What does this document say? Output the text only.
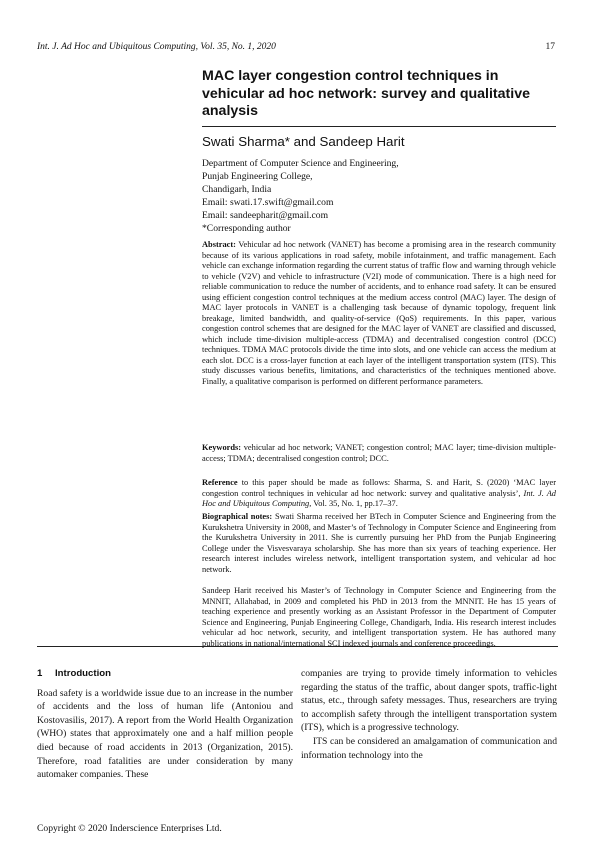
Int. J. Ad Hoc and Ubiquitous Computing, Vol. 35, No. 1, 2020	17
MAC layer congestion control techniques in vehicular ad hoc network: survey and qualitative analysis
Swati Sharma* and Sandeep Harit
Department of Computer Science and Engineering,
Punjab Engineering College,
Chandigarh, India
Email: swati.17.swift@gmail.com
Email: sandeepharit@gmail.com
*Corresponding author
Abstract: Vehicular ad hoc network (VANET) has become a promising area in the research community because of its various applications in road safety, mobile infotainment, and traffic management. Each vehicle can exchange information regarding the current status of traffic flow and warning through vehicle to vehicle (V2V) and vehicle to infrastructure (V2I) mode of communication. There is a high need for reliable communication to reduce the number of accidents, and to enhance road safety. It can be ensured using efficient congestion control techniques at the medium access control (MAC) layer. The design of MAC layer protocols in VANET is a challenging task because of dynamic topology, frequent link breakage, limited bandwidth, and quality-of-service (QoS) requirements. In this paper, various congestion control schemes that are designed for the MAC layer of VANET are classified and discussed, which include time-division multiple-access (TDMA) and decentralised congestion control (DCC) techniques. TDMA MAC protocols divide the time into slots, and one vehicle can access the medium at each slot. DCC is a cross-layer function at each layer of the intelligent transportation system (ITS). This study discusses various benefits, limitations, and characteristics of the techniques mentioned above. Finally, a qualitative comparison is performed on different performance parameters.
Keywords: vehicular ad hoc network; VANET; congestion control; MAC layer; time-division multiple-access; TDMA; decentralised congestion control; DCC.
Reference to this paper should be made as follows: Sharma, S. and Harit, S. (2020) ‘MAC layer congestion control techniques in vehicular ad hoc network: survey and qualitative analysis’, Int. J. Ad Hoc and Ubiquitous Computing, Vol. 35, No. 1, pp.17–37.
Biographical notes: Swati Sharma received her BTech in Computer Science and Engineering from the Kurukshetra University in 2008, and Master’s of Technology in Computer Science and Engineering from the Kurukshetra University in 2011. She is currently pursuing her PhD from the Punjab Engineering College under the Visvesvaraya scholarship. She has more than six years of teaching experience. Her research interest includes wireless network, intelligent transportation system, and vehicular ad hoc network.
Sandeep Harit received his Master’s of Technology in Computer Science and Engineering from the MNNIT, Allahabad, in 2009 and completed his PhD in 2013 from the MNNIT. He has 15 years of teaching experience and presently working as an Assistant Professor in the Department of Computer Science and Engineering, Punjab Engineering College, Chandigarh, India. His research interest includes vehicular ad hoc network, security, and intelligent transportation system. He has authored many publications in national/international SCI indexed journals and conference proceedings.
1 Introduction
Road safety is a worldwide issue due to an increase in the number of accidents and the loss of human life (Antoniou and Kostovasilis, 2017). A report from the World Health Organization (WHO) states that approximately one and a half million people died because of road accidents in 2013 (Organization, 2015). Therefore, road fatalities are under consideration by many automaker companies. These
companies are trying to provide timely information to vehicles regarding the status of the traffic, about danger spots, traffic-light status, etc., through safety messages. Thus, researchers are trying to accomplish safety through the intelligent transportation system (ITS), which is a progressive technology.
ITS can be considered an amalgamation of communication and information technology into the
Copyright © 2020 Inderscience Enterprises Ltd.
